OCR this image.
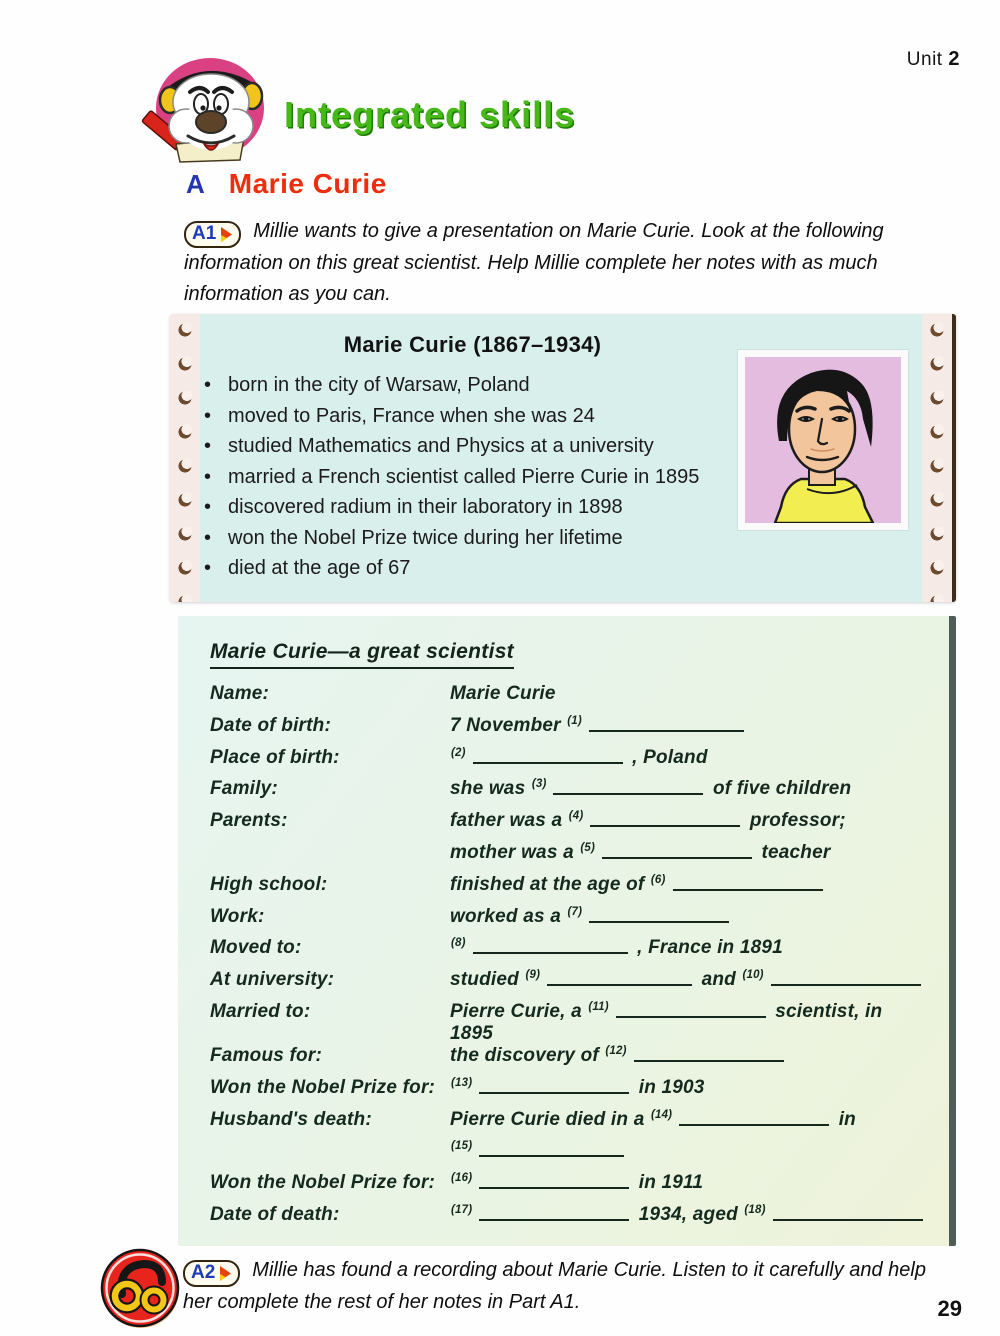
Unit 2
Integrated skills
A Marie Curie

A1 Millie wants to give a presentation on Marie Curie. Look at the following information on this great scientist. Help Millie complete her notes with as much information as you can.

Marie Curie (1867–1934)
• born in the city of Warsaw, Poland
• moved to Paris, France when she was 24
• studied Mathematics and Physics at a university
• married a French scientist called Pierre Curie in 1895
• discovered radium in their laboratory in 1898
• won the Nobel Prize twice during her lifetime
• died at the age of 67
Marie Curie—a great scientist
Name:	Marie Curie
Date of birth:	7 November $^{(1)}$
Place of birth:	$^{(2)}$	, Poland
Family:	she was $^{(3)}$	of five children
Parents:	father was a $^{(4)}$	professor;
mother was a $^{(5)}$	teacher
High school:	finished at the age of $^{(6)}$
Work:	worked as a $^{(7)}$
Moved to:	$^{(8)}$	, France in 1891
At university:	studied $^{(9)}$	and $^{(10)}$
Married to:	Pierre Curie, a $^{(11)}$	scientist, in 1895
Famous for:	the discovery of $^{(12)}$
Won the Nobel Prize for:	$^{(13)}$	in 1903
Husband's death:	Pierre Curie died in a $^{(14)}$	in
$^{(15)}$
Won the Nobel Prize for:	$^{(16)}$	in 1911
Date of death:	$^{(17)}$	1934, aged $^{(18)}$

A2 Millie has found a recording about Marie Curie. Listen to it carefully and help her complete the rest of her notes in Part A1.	29
